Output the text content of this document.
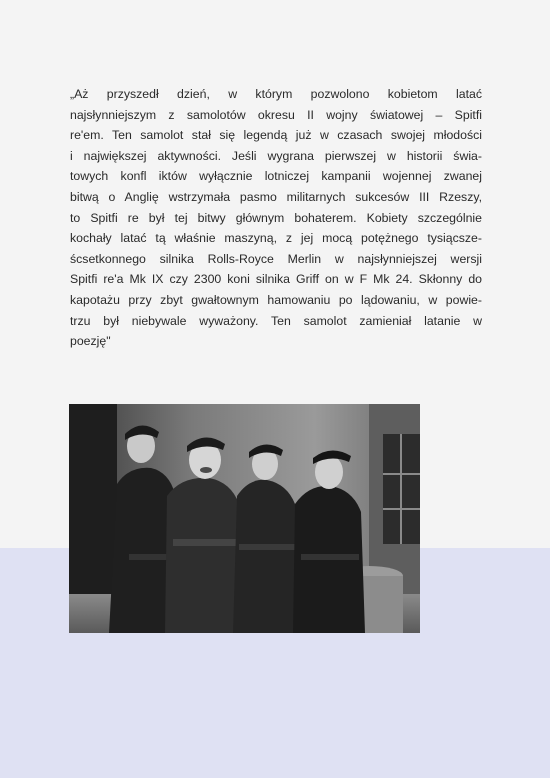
„Aż przyszedł dzień, w którym pozwolono kobietom latać
najsłynniejszym z samolotów okresu II wojny światowej – Spitfi
re'em. Ten samolot stał się legendą już w czasach swojej młodości
i największej aktywności. Jeśli wygrana pierwszej w historii świa-
towych konfl iktów wyłącznie lotniczej kampanii wojennej zwanej
bitwą o Anglię wstrzymała pasmo militarnych sukcesów III Rzeszy,
to Spitfi re był tej bitwy głównym bohaterem. Kobiety szczególnie
kochały latać tą właśnie maszyną, z jej mocą potężnego tysiącsze-
ścsetkonnego silnika Rolls-Royce Merlin w najsłynniejszej wersji
Spitfi re'a Mk IX czy 2300 koni silnika Griff on w F Mk 24. Skłonny do
kapotażu przy zbyt gwałtownym hamowaniu po lądowaniu, w powie-
trzu był niebywale wyważony. Ten samolot zamieniał latanie w
poezję"
